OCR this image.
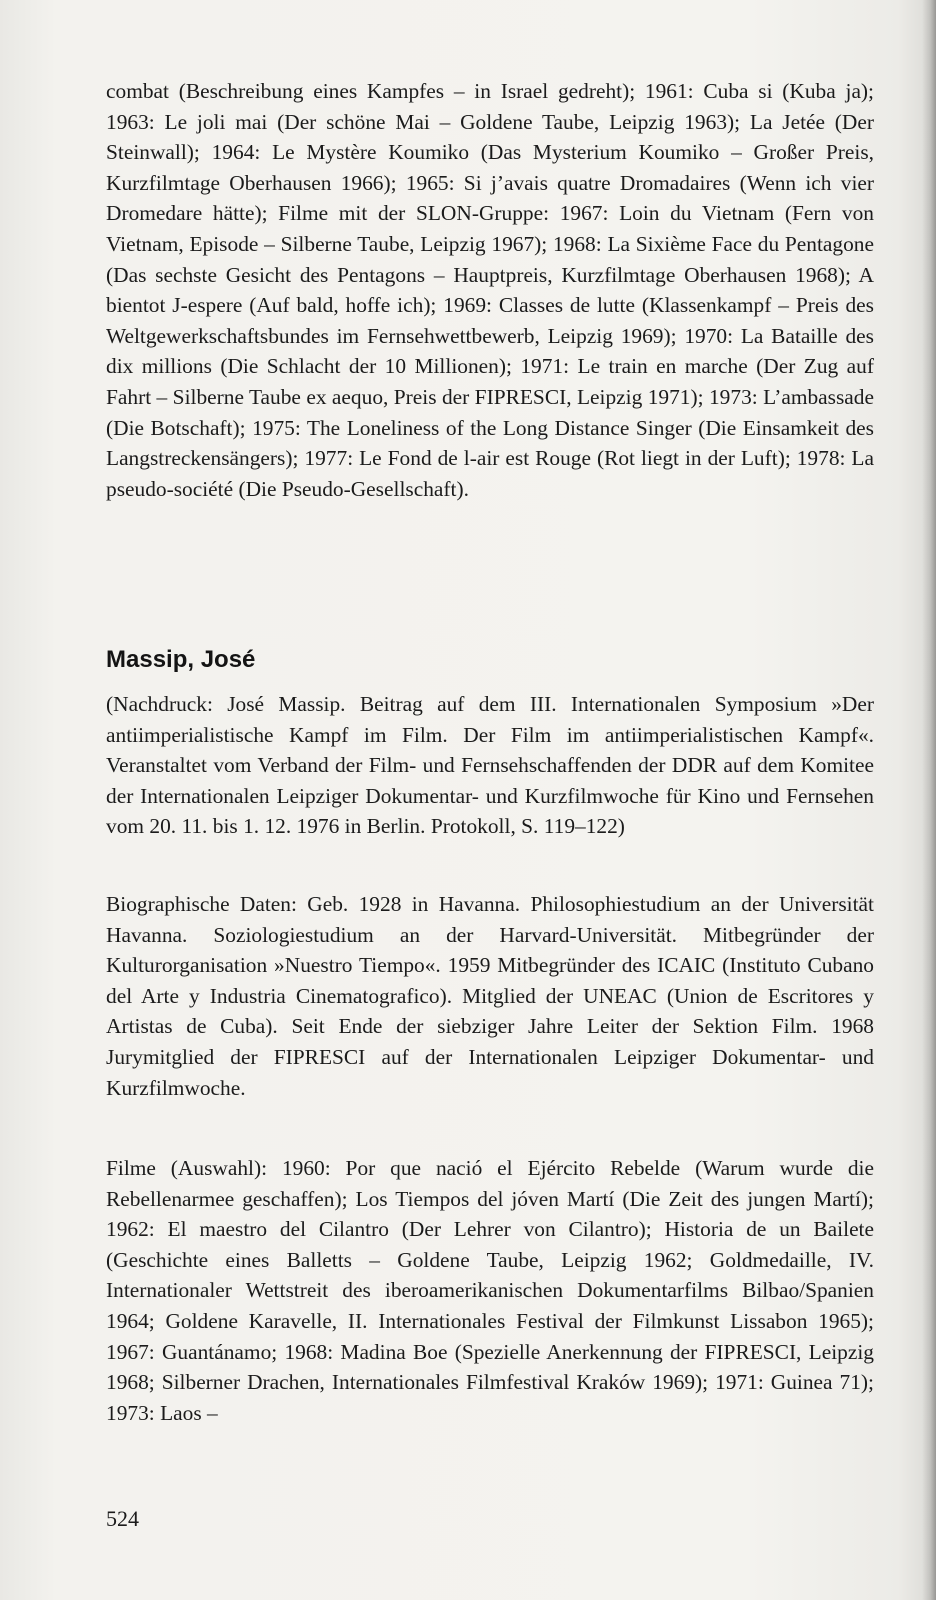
combat (Beschreibung eines Kampfes – in Israel gedreht); 1961: Cuba si (Kuba ja); 1963: Le joli mai (Der schöne Mai – Goldene Taube, Leipzig 1963); La Jetée (Der Steinwall); 1964: Le Mystère Koumiko (Das Mysterium Koumiko – Großer Preis, Kurzfilmtage Oberhausen 1966); 1965: Si j’avais quatre Dromadaires (Wenn ich vier Dromedare hätte); Filme mit der SLON-Gruppe: 1967: Loin du Vietnam (Fern von Vietnam, Episode – Silberne Taube, Leipzig 1967); 1968: La Sixième Face du Pentagone (Das sechste Gesicht des Pentagons – Hauptpreis, Kurzfilmtage Oberhausen 1968); A bientot J-espere (Auf bald, hoffe ich); 1969: Classes de lutte (Klassenkampf – Preis des Weltgewerkschaftsbundes im Fernsehwettbewerb, Leipzig 1969); 1970: La Bataille des dix millions (Die Schlacht der 10 Millionen); 1971: Le train en marche (Der Zug auf Fahrt – Silberne Taube ex aequo, Preis der FIPRESCI, Leipzig 1971); 1973: L’ambassade (Die Botschaft); 1975: The Loneliness of the Long Distance Singer (Die Einsamkeit des Langstreckensängers); 1977: Le Fond de l-air est Rouge (Rot liegt in der Luft); 1978: La pseudo-société (Die Pseudo-Gesellschaft).

Massip, José

(Nachdruck: José Massip. Beitrag auf dem III. Internationalen Symposium »Der antiimperialistische Kampf im Film. Der Film im antiimperialistischen Kampf«. Veranstaltet vom Verband der Film- und Fernsehschaffenden der DDR auf dem Komitee der Internationalen Leipziger Dokumentar- und Kurzfilmwoche für Kino und Fernsehen vom 20. 11. bis 1. 12. 1976 in Berlin. Protokoll, S. 119–122)

Biographische Daten: Geb. 1928 in Havanna. Philosophiestudium an der Universität Havanna. Soziologiestudium an der Harvard-Universität. Mitbegründer der Kulturorganisation »Nuestro Tiempo«. 1959 Mitbegründer des ICAIC (Instituto Cubano del Arte y Industria Cinematografico). Mitglied der UNEAC (Union de Escritores y Artistas de Cuba). Seit Ende der siebziger Jahre Leiter der Sektion Film. 1968 Jurymitglied der FIPRESCI auf der Internationalen Leipziger Dokumentar- und Kurzfilmwoche.

Filme (Auswahl): 1960: Por que nació el Ejército Rebelde (Warum wurde die Rebellenarmee geschaffen); Los Tiempos del jóven Martí (Die Zeit des jungen Martí); 1962: El maestro del Cilantro (Der Lehrer von Cilantro); Historia de un Bailete (Geschichte eines Balletts – Goldene Taube, Leipzig 1962; Goldmedaille, IV. Internationaler Wettstreit des iberoamerikanischen Dokumentarfilms Bilbao/Spanien 1964; Goldene Karavelle, II. Internationales Festival der Filmkunst Lissabon 1965); 1967: Guantánamo; 1968: Madina Boe (Spezielle Anerkennung der FIPRESCI, Leipzig 1968; Silberner Drachen, Internationales Filmfestival Kraków 1969); 1971: Guinea 71); 1973: Laos –

524
